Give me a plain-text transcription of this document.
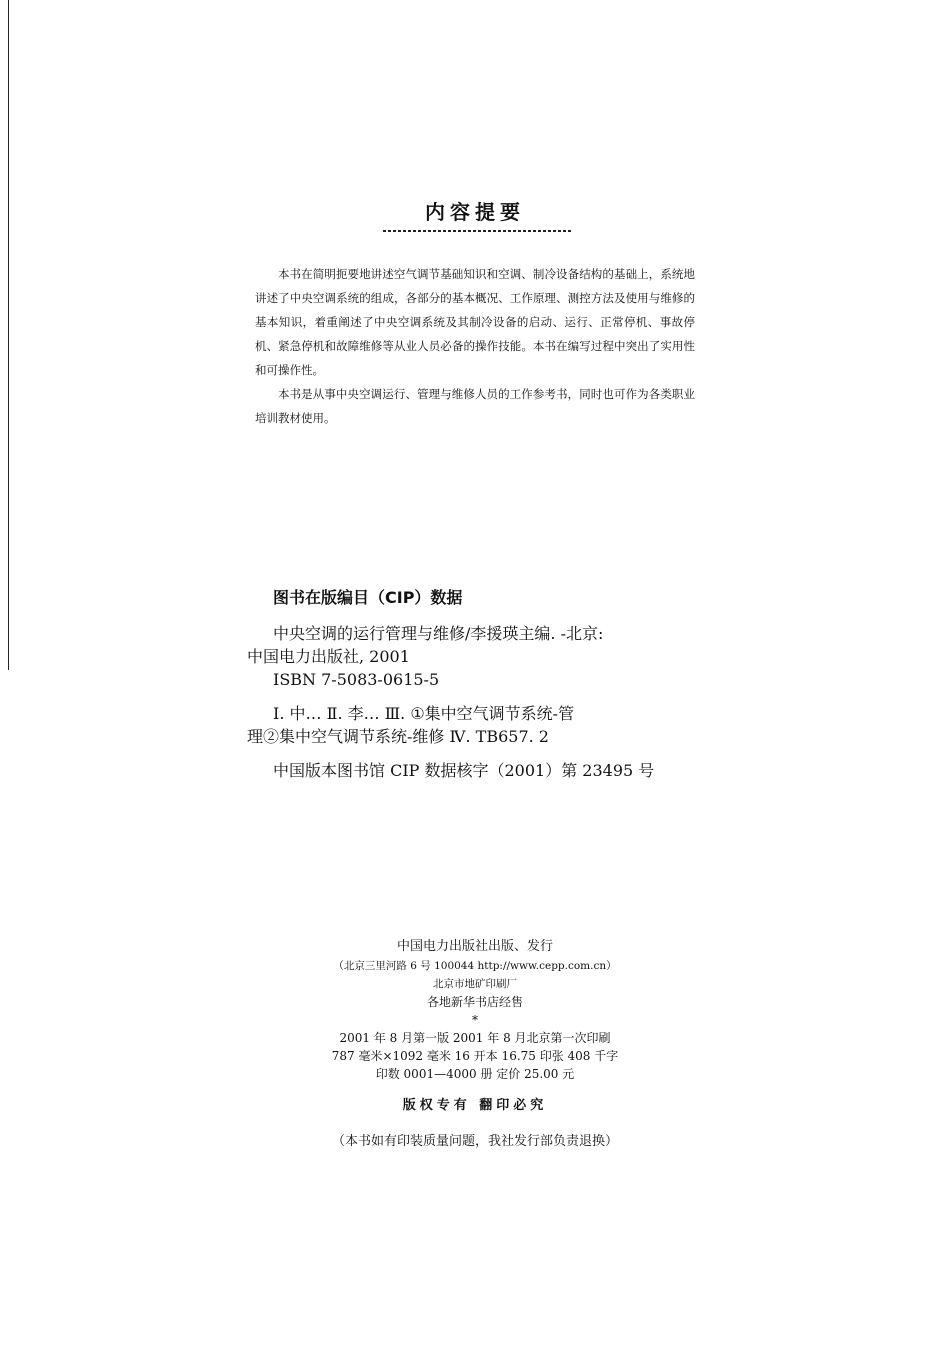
内容提要

本书在简明扼要地讲述空气调节基础知识和空调、制冷设备结构的基础上，系统地讲述了中央空调系统的组成，各部分的基本概况、工作原理、测控方法及使用与维修的基本知识，着重阐述了中央空调系统及其制冷设备的启动、运行、正常停机、事故停机、紧急停机和故障维修等从业人员必备的操作技能。本书在编写过程中突出了实用性和可操作性。

本书是从事中央空调运行、管理与维修人员的工作参考书，同时也可作为各类职业培训教材使用。

图书在版编目（CIP）数据
中央空调的运行管理与维修/李援瑛主编. -北京:
中国电力出版社, 2001
ISBN 7-5083-0615-5
Ⅰ. 中… Ⅱ. 李… Ⅲ. ①集中空气调节系统-管
理②集中空气调节系统-维修 Ⅳ. TB657. 2
中国版本图书馆 CIP 数据核字（2001）第 23495 号
中国电力出版社出版、发行
（北京三里河路 6 号 100044 http://www.cepp.com.cn）
北京市地矿印刷厂
各地新华书店经售
*
2001 年 8 月第一版 2001 年 8 月北京第一次印刷
787 毫米×1092 毫米 16 开本 16.75 印张 408 千字
印数 0001—4000 册 定价 25.00 元
版权专有 翻印必究
（本书如有印装质量问题，我社发行部负责退换）
